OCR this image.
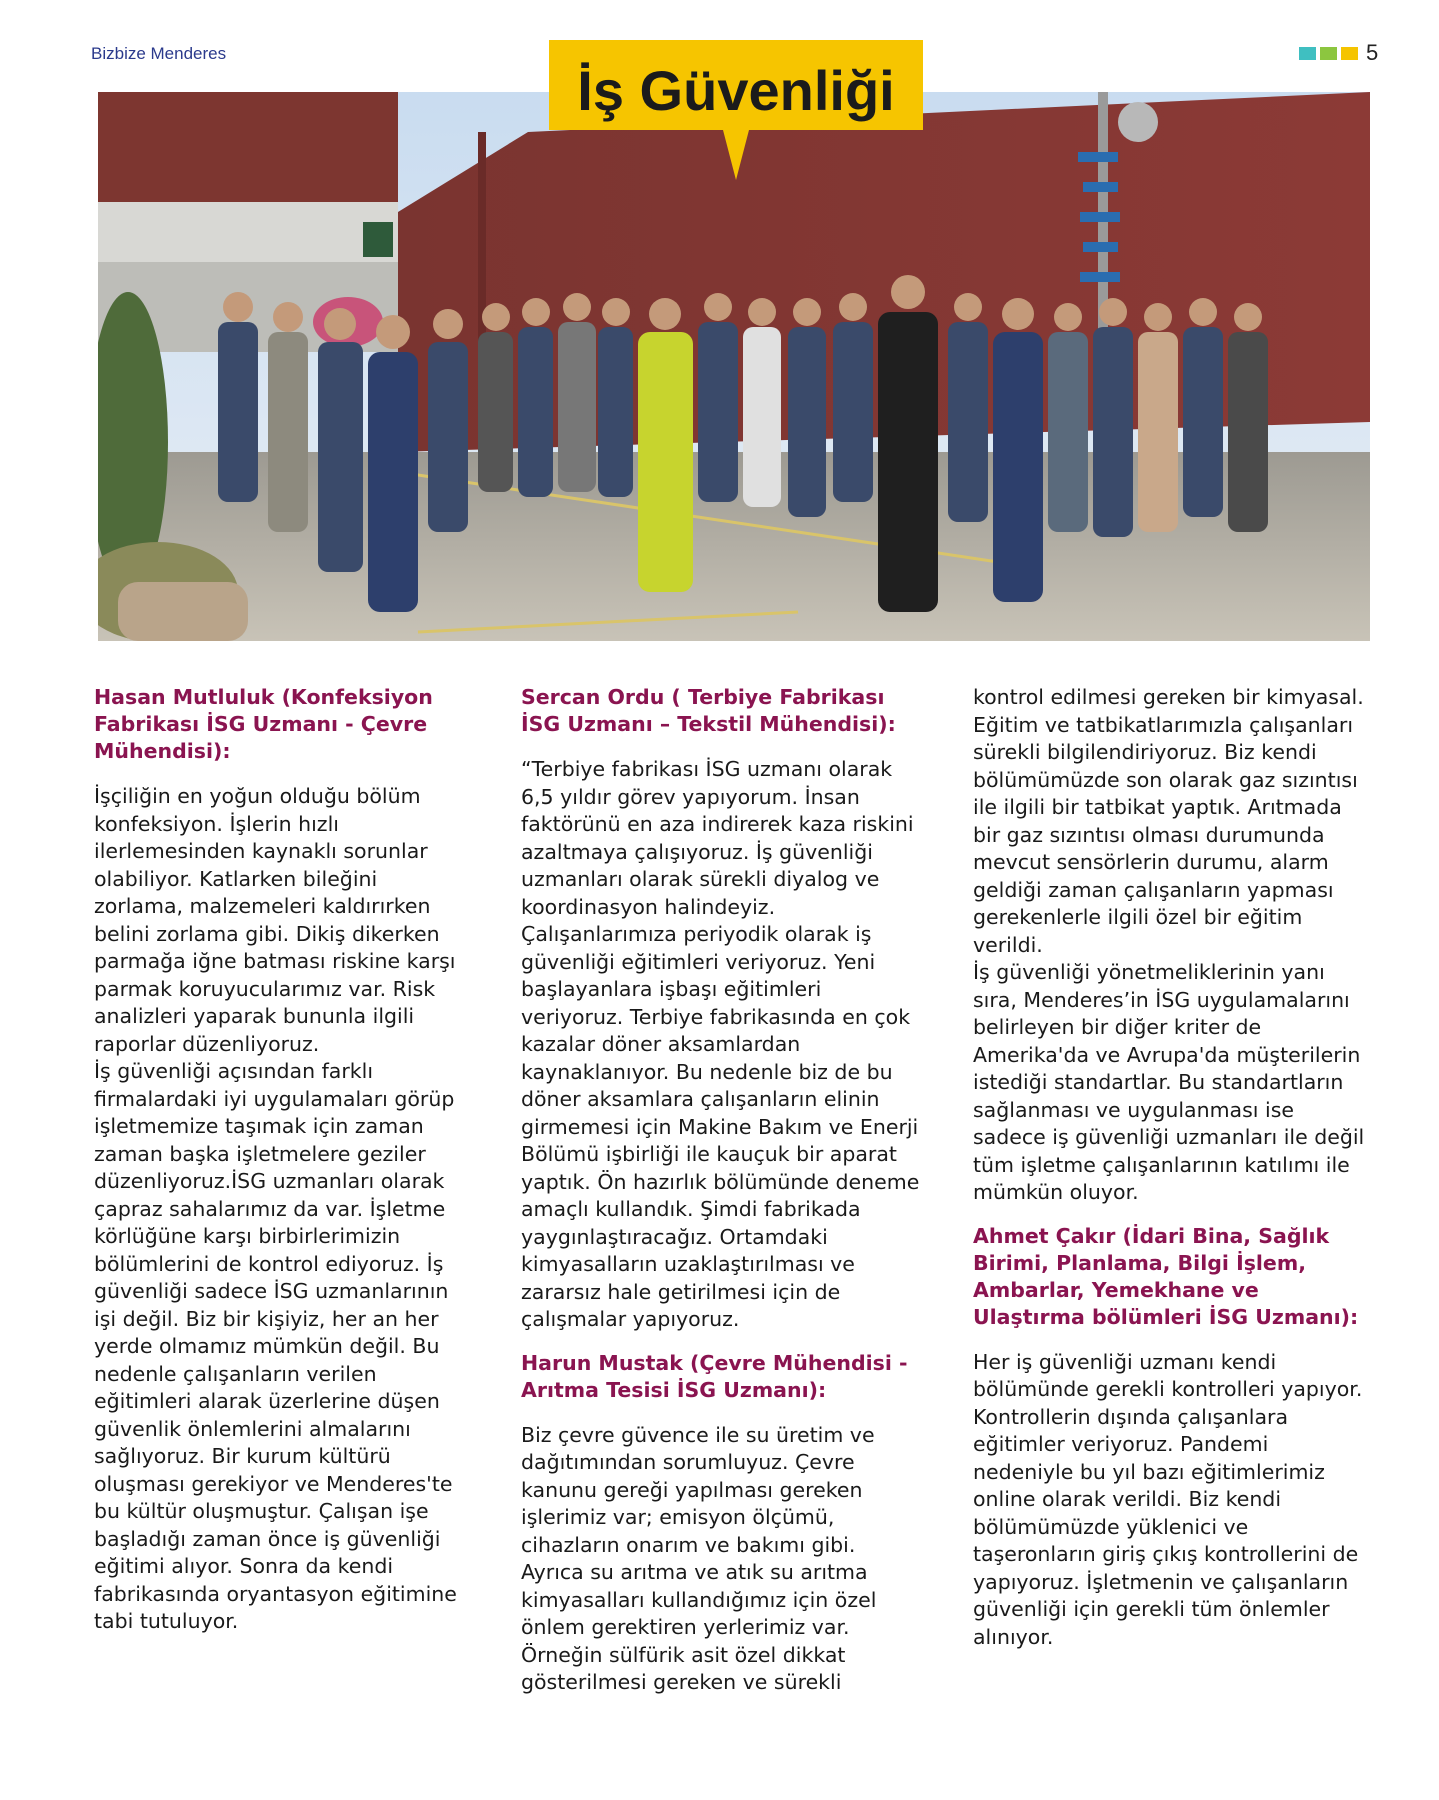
Bizbize Menderes	5
İş Güvenliği
Hasan Mutluluk (Konfeksiyon Fabrikası İSG Uzmanı - Çevre Mühendisi):
İşçiliğin en yoğun olduğu bölüm konfeksiyon. İşlerin hızlı ilerlemesinden kaynaklı sorunlar olabiliyor. Katlarken bileğini zorlama, malzemeleri kaldırırken belini zorlama gibi. Dikiş dikerken parmağa iğne batması riskine karşı parmak koruyucularımız var. Risk analizleri yaparak bununla ilgili raporlar düzenliyoruz.
İş güvenliği açısından farklı firmalardaki iyi uygulamaları görüp işletmemize taşımak için zaman zaman başka işletmelere geziler düzenliyoruz.İSG uzmanları olarak çapraz sahalarımız da var. İşletme körlüğüne karşı birbirlerimizin bölümlerini de kontrol ediyoruz. İş güvenliği sadece İSG uzmanlarının işi değil. Biz bir kişiyiz, her an her yerde olmamız mümkün değil. Bu nedenle çalışanların verilen eğitimleri alarak üzerlerine düşen güvenlik önlemlerini almalarını sağlıyoruz. Bir kurum kültürü oluşması gerekiyor ve Menderes'te bu kültür oluşmuştur. Çalışan işe başladığı zaman önce iş güvenliği eğitimi alıyor. Sonra da kendi fabrikasında oryantasyon eğitimine tabi tutuluyor.
Sercan Ordu ( Terbiye Fabrikası İSG Uzmanı – Tekstil Mühendisi):
“Terbiye fabrikası İSG uzmanı olarak 6,5 yıldır görev yapıyorum. İnsan faktörünü en aza indirerek kaza riskini azaltmaya çalışıyoruz. İş güvenliği uzmanları olarak sürekli diyalog ve koordinasyon halindeyiz. Çalışanlarımıza periyodik olarak iş güvenliği eğitimleri veriyoruz. Yeni başlayanlara işbaşı eğitimleri veriyoruz. Terbiye fabrikasında en çok kazalar döner aksamlardan kaynaklanıyor. Bu nedenle biz de bu döner aksamlara çalışanların elinin girmemesi için Makine Bakım ve Enerji Bölümü işbirliği ile kauçuk bir aparat yaptık. Ön hazırlık bölümünde deneme amaçlı kullandık. Şimdi fabrikada yaygınlaştıracağız. Ortamdaki kimyasalların uzaklaştırılması ve zararsız hale getirilmesi için de çalışmalar yapıyoruz.
Harun Mustak (Çevre Mühendisi - Arıtma Tesisi İSG Uzmanı):
Biz çevre güvence ile su üretim ve dağıtımından sorumluyuz. Çevre kanunu gereği yapılması gereken işlerimiz var; emisyon ölçümü, cihazların onarım ve bakımı gibi. Ayrıca su arıtma ve atık su arıtma kimyasalları kullandığımız için özel önlem gerektiren yerlerimiz var. Örneğin sülfürik asit özel dikkat gösterilmesi gereken ve sürekli
kontrol edilmesi gereken bir kimyasal.
Eğitim ve tatbikatlarımızla çalışanları sürekli bilgilendiriyoruz. Biz kendi bölümümüzde son olarak gaz sızıntısı ile ilgili bir tatbikat yaptık. Arıtmada bir gaz sızıntısı olması durumunda mevcut sensörlerin durumu, alarm geldiği zaman çalışanların yapması gerekenlerle ilgili özel bir eğitim verildi.
İş güvenliği yönetmeliklerinin yanı sıra, Menderes’in İSG uygulamalarını belirleyen bir diğer kriter de Amerika'da ve Avrupa'da müşterilerin istediği standartlar. Bu standartların sağlanması ve uygulanması ise sadece iş güvenliği uzmanları ile değil tüm işletme çalışanlarının katılımı ile mümkün oluyor.
Ahmet Çakır (İdari Bina, Sağlık Birimi, Planlama, Bilgi İşlem, Ambarlar, Yemekhane ve Ulaştırma bölümleri İSG Uzmanı):
Her iş güvenliği uzmanı kendi bölümünde gerekli kontrolleri yapıyor. Kontrollerin dışında çalışanlara eğitimler veriyoruz. Pandemi nedeniyle bu yıl bazı eğitimlerimiz online olarak verildi. Biz kendi bölümümüzde yüklenici ve taşeronların giriş çıkış kontrollerini de yapıyoruz. İşletmenin ve çalışanların güvenliği için gerekli tüm önlemler alınıyor.
